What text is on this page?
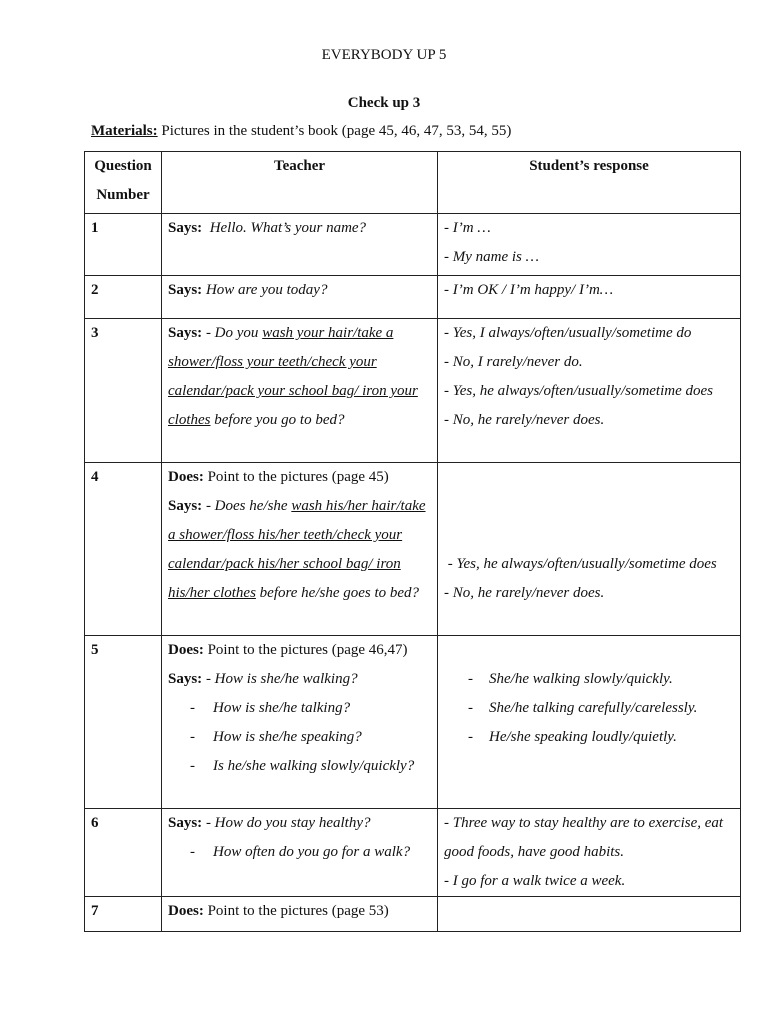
EVERYBODY UP 5
Check up 3
Materials: Pictures in the student’s book (page 45, 46, 47, 53, 54, 55)
Question Number	Teacher	Student’s response
1	Says:  Hello. What’s your name?	- I’m …
- My name is …

2	Says: How are you today?	- I’m OK / I’m happy/ I’m…

3	Says: - Do you wash your hair/take a shower/floss your teeth/check your calendar/pack your school bag/ iron your clothes before you go to bed?	- Yes, I always/often/usually/sometime do
- No, I rarely/never do.
- Yes, he always/often/usually/sometime does
- No, he rarely/never does.

4	Does: Point to the pictures (page 45)
Says: - Does he/she wash his/her hair/take a shower/floss his/her teeth/check your calendar/pack his/her school bag/ iron his/her clothes before he/she goes to bed?	- Yes, he always/often/usually/sometime does
- No, he rarely/never does.

5	Does: Point to the pictures (page 46,47)
Says: - How is she/he walking?
- How is she/he talking?
- How is she/he speaking?
- Is he/she walking slowly/quickly?	- She/he walking slowly/quickly.
- She/he talking carefully/carelessly.
- He/she speaking loudly/quietly.

6	Says: - How do you stay healthy?
- How often do you go for a walk?	- Three way to stay healthy are to exercise, eat good foods, have good habits.
- I go for a walk twice a week.

7	Does: Point to the pictures (page 53)	
